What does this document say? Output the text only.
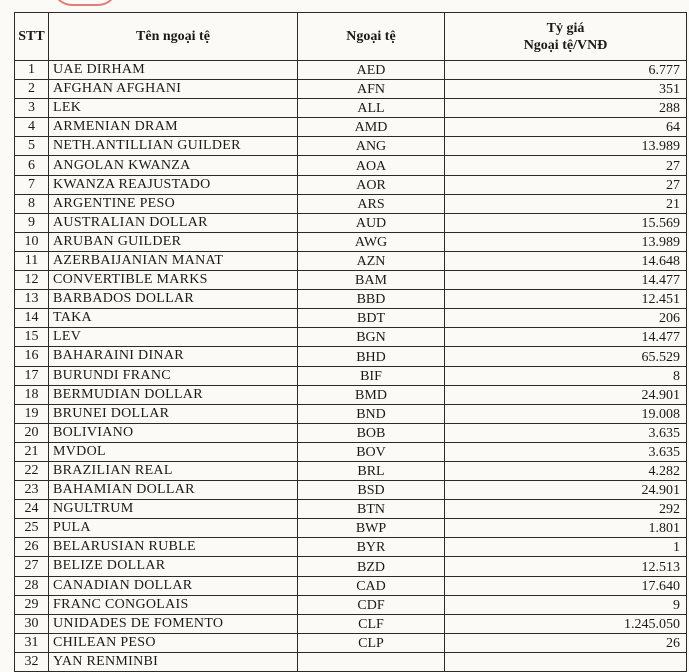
STT	Tên ngoại tệ	Ngoại tệ	Tỷ giá
Ngoại tệ/VNĐ

1	UAE DIRHAM	AED	6.777
2	AFGHAN AFGHANI	AFN	351
3	LEK	ALL	288
4	ARMENIAN DRAM	AMD	64
5	NETH.ANTILLIAN GUILDER	ANG	13.989
6	ANGOLAN KWANZA	AOA	27
7	KWANZA REAJUSTADO	AOR	27
8	ARGENTINE PESO	ARS	21
9	AUSTRALIAN DOLLAR	AUD	15.569
10	ARUBAN GUILDER	AWG	13.989
11	AZERBAIJANIAN MANAT	AZN	14.648
12	CONVERTIBLE MARKS	BAM	14.477
13	BARBADOS DOLLAR	BBD	12.451
14	TAKA	BDT	206
15	LEV	BGN	14.477
16	BAHARAINI DINAR	BHD	65.529
17	BURUNDI FRANC	BIF	8
18	BERMUDIAN DOLLAR	BMD	24.901
19	BRUNEI DOLLAR	BND	19.008
20	BOLIVIANO	BOB	3.635
21	MVDOL	BOV	3.635
22	BRAZILIAN REAL	BRL	4.282
23	BAHAMIAN DOLLAR	BSD	24.901
24	NGULTRUM	BTN	292
25	PULA	BWP	1.801
26	BELARUSIAN RUBLE	BYR	1
27	BELIZE DOLLAR	BZD	12.513
28	CANADIAN DOLLAR	CAD	17.640
29	FRANC CONGOLAIS	CDF	9
30	UNIDADES DE FOMENTO	CLF	1.245.050
31	CHILEAN PESO	CLP	26
32	YAN RENMINBI		
